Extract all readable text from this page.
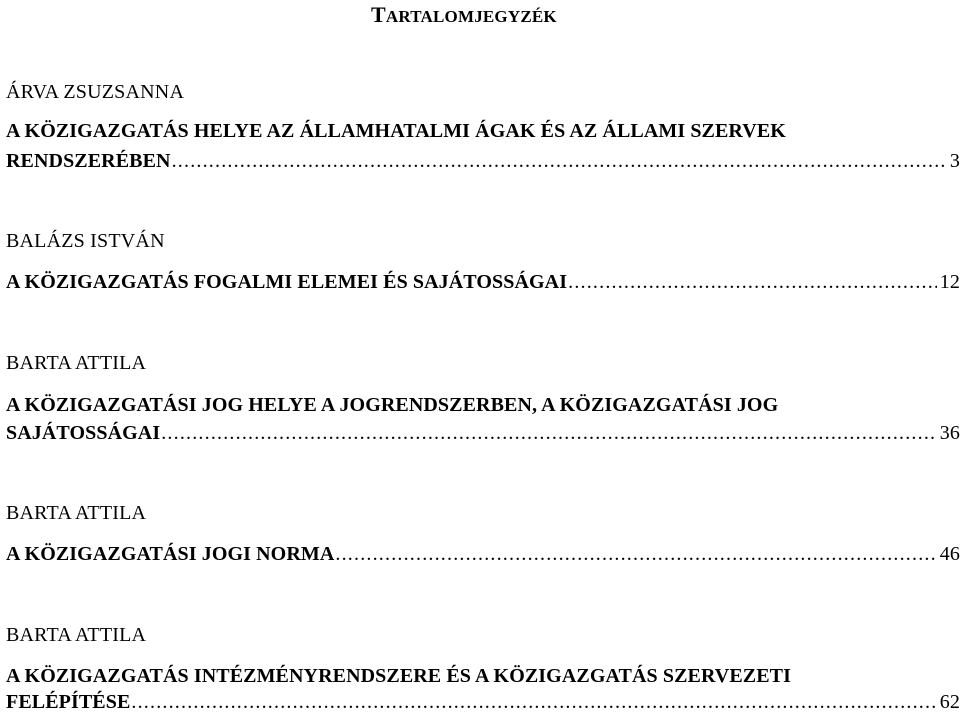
TARTALOMJEGYZÉK
ÁRVA ZSUZSANNA
A KÖZIGAZGATÁS HELYE AZ ÁLLAMHATALMI ÁGAK ÉS AZ ÁLLAMI SZERVEK
RENDSZERÉBEN .....	3
BALÁZS ISTVÁN
A KÖZIGAZGATÁS FOGALMI ELEMEI ÉS SAJÁTOSSÁGAI .....	12
BARTA ATTILA
A KÖZIGAZGATÁSI JOG HELYE A JOGRENDSZERBEN, A KÖZIGAZGATÁSI JOG
SAJÁTOSSÁGAI .....	36
BARTA ATTILA
A KÖZIGAZGATÁSI JOGI NORMA .....	46
BARTA ATTILA
A KÖZIGAZGATÁS INTÉZMÉNYRENDSZERE ÉS A KÖZIGAZGATÁS SZERVEZETI
FELÉPÍTÉSE .....	62
